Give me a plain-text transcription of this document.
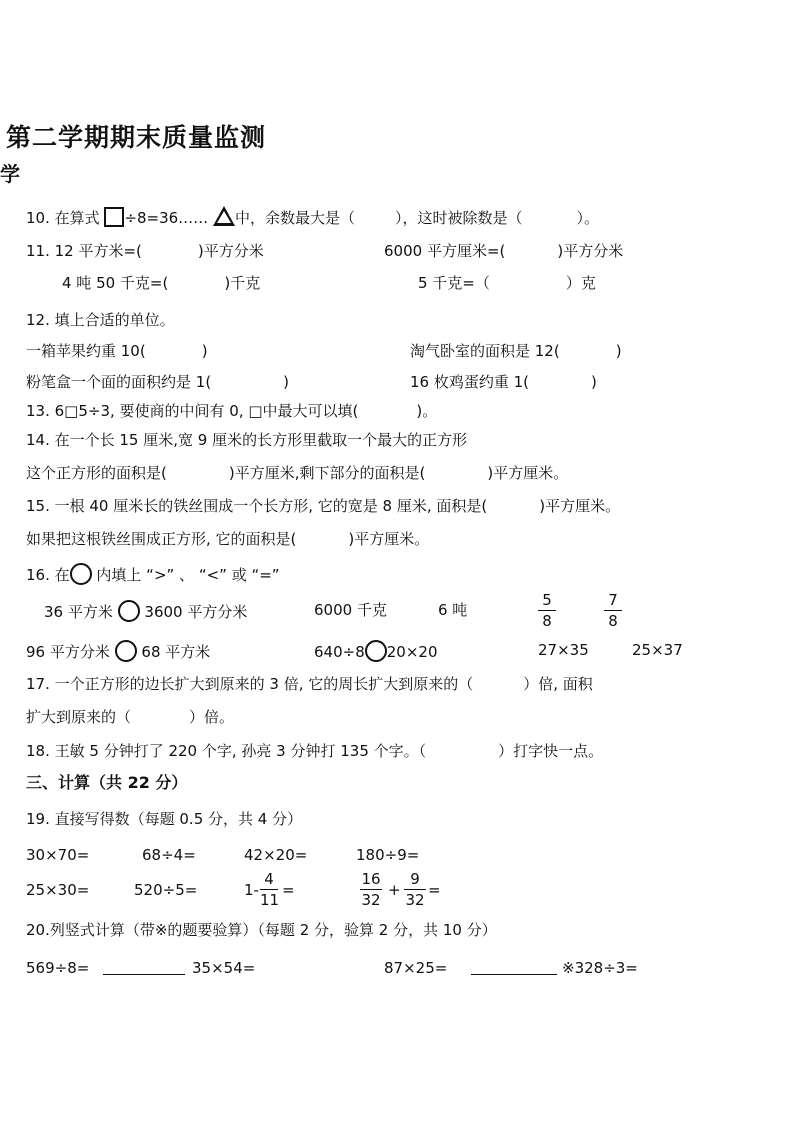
第二学期期末质量监测
学
10. 在算式 ÷8=36…… 中，余数最大是（	），这时被除数是（	）。
11. 12 平方米=(	)平方分米	6000 平方厘米=(	)平方分米
4 吨 50 千克=(	)千克	5 千克=（	）克
12. 填上合适的单位。
一箱苹果约重 10(	)	淘气卧室的面积是 12(	)
粉笔盒一个面的面积约是 1(	)	16 枚鸡蛋约重 1(	)
13. 6□5÷3, 要使商的中间有 0, □中最大可以填(	)。
14. 在一个长 15 厘米,宽 9 厘米的长方形里截取一个最大的正方形
这个正方形的面积是(	)平方厘米,剩下部分的面积是(	)平方厘米。
15. 一根 40 厘米长的铁丝围成一个长方形, 它的宽是 8 厘米, 面积是(	)平方厘米。
如果把这根铁丝围成正方形, 它的面积是(	)平方厘米。
16. 在 内填上 “>” 、 “<” 或 “=”
36 平方米 3600 平方分米	6000 千克	6 吨	$\frac{5}{8}$	$\frac{7}{8}$
96 平方分米 68 平方米	640÷8 20×20	27×35	25×37
17. 一个正方形的边长扩大到原来的 3 倍, 它的周长扩大到原来的（	）倍, 面积
扩大到原来的（	）倍。
18. 王敏 5 分钟打了 220 个字, 孙亮 3 分钟打 135 个字。（	）打字快一点。
三、计算（共 22 分）
19. 直接写得数（每题 0.5 分，共 4 分）
30×70=	68÷4=	42×20=	180÷9=
25×30=	520÷5=	$1- \frac{4}{11}$ =	$\frac{16}{32} + \frac{9}{32}$ =
20.列竖式计算（带※的题要验算）（每题 2 分，验算 2 分，共 10 分）
569÷8=	35×54=	87×25=	※328÷3=
